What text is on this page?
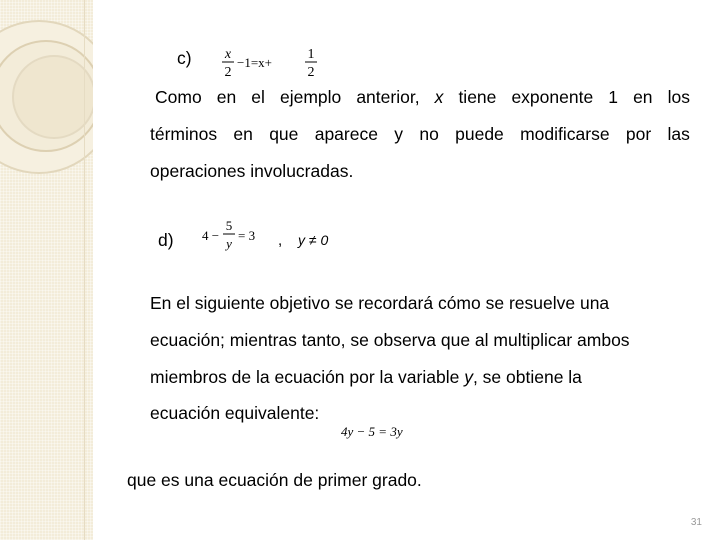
c) x
2
−1=x+
1
2
Como en el ejemplo anterior, x tiene exponente 1 en los
términos en que aparece y no puede modificarse por las
operaciones involucradas.
d) 4 −
5
y
= 3 , y ≠ 0
En el siguiente objetivo se recordará cómo se resuelve una
ecuación; mientras tanto, se observa que al multiplicar ambos
miembros de la ecuación por la variable y, se obtiene la
ecuación equivalente:
4y − 5 = 3y
que es una ecuación de primer grado.
31
